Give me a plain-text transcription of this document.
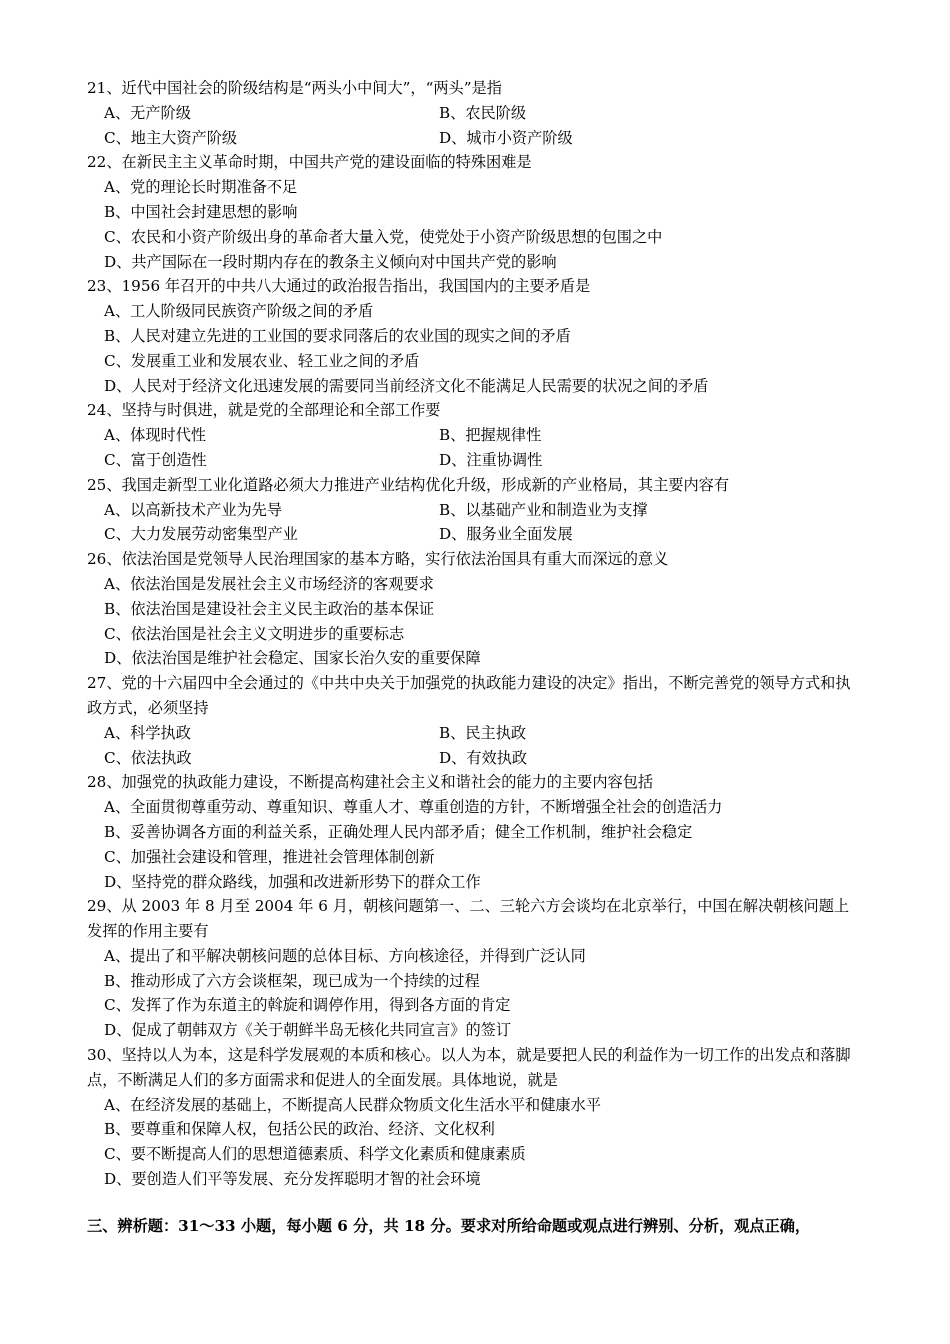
21、近代中国社会的阶级结构是“两头小中间大”，“两头”是指

A、无产阶级	B、农民阶级
C、地主大资产阶级	D、城市小资产阶级

22、在新民主主义革命时期，中国共产党的建设面临的特殊困难是

A、党的理论长时期准备不足
B、中国社会封建思想的影响
C、农民和小资产阶级出身的革命者大量入党，使党处于小资产阶级思想的包围之中
D、共产国际在一段时期内存在的教条主义倾向对中国共产党的影响

23、1956 年召开的中共八大通过的政治报告指出，我国国内的主要矛盾是

A、工人阶级同民族资产阶级之间的矛盾
B、人民对建立先进的工业国的要求同落后的农业国的现实之间的矛盾
C、发展重工业和发展农业、轻工业之间的矛盾
D、人民对于经济文化迅速发展的需要同当前经济文化不能满足人民需要的状况之间的矛盾

24、坚持与时俱进，就是党的全部理论和全部工作要

A、体现时代性	B、把握规律性
C、富于创造性	D、注重协调性

25、我国走新型工业化道路必须大力推进产业结构优化升级，形成新的产业格局，其主要内容有

A、以高新技术产业为先导	B、以基础产业和制造业为支撑
C、大力发展劳动密集型产业	D、服务业全面发展

26、依法治国是党领导人民治理国家的基本方略，实行依法治国具有重大而深远的意义

A、依法治国是发展社会主义市场经济的客观要求
B、依法治国是建设社会主义民主政治的基本保证
C、依法治国是社会主义文明进步的重要标志
D、依法治国是维护社会稳定、国家长治久安的重要保障

27、党的十六届四中全会通过的《中共中央关于加强党的执政能力建设的决定》指出，不断完善党的领导方式和执政方式，必须坚持

A、科学执政	B、民主执政
C、依法执政	D、有效执政

28、加强党的执政能力建设，不断提高构建社会主义和谐社会的能力的主要内容包括

A、全面贯彻尊重劳动、尊重知识、尊重人才、尊重创造的方针，不断增强全社会的创造活力
B、妥善协调各方面的利益关系，正确处理人民内部矛盾；健全工作机制，维护社会稳定
C、加强社会建设和管理，推进社会管理体制创新
D、坚持党的群众路线，加强和改进新形势下的群众工作

29、从 2003 年 8 月至 2004 年 6 月，朝核问题第一、二、三轮六方会谈均在北京举行，中国在解决朝核问题上发挥的作用主要有

A、提出了和平解决朝核问题的总体目标、方向核途径，并得到广泛认同
B、推动形成了六方会谈框架，现已成为一个持续的过程
C、发挥了作为东道主的斡旋和调停作用，得到各方面的肯定
D、促成了朝韩双方《关于朝鲜半岛无核化共同宣言》的签订

30、坚持以人为本，这是科学发展观的本质和核心。以人为本，就是要把人民的利益作为一切工作的出发点和落脚点，不断满足人们的多方面需求和促进人的全面发展。具体地说，就是

A、在经济发展的基础上，不断提高人民群众物质文化生活水平和健康水平
B、要尊重和保障人权，包括公民的政治、经济、文化权利
C、要不断提高人们的思想道德素质、科学文化素质和健康素质
D、要创造人们平等发展、充分发挥聪明才智的社会环境
三、辨析题：31～33 小题，每小题 6 分，共 18 分。要求对所给命题或观点进行辨别、分析，观点正确，
